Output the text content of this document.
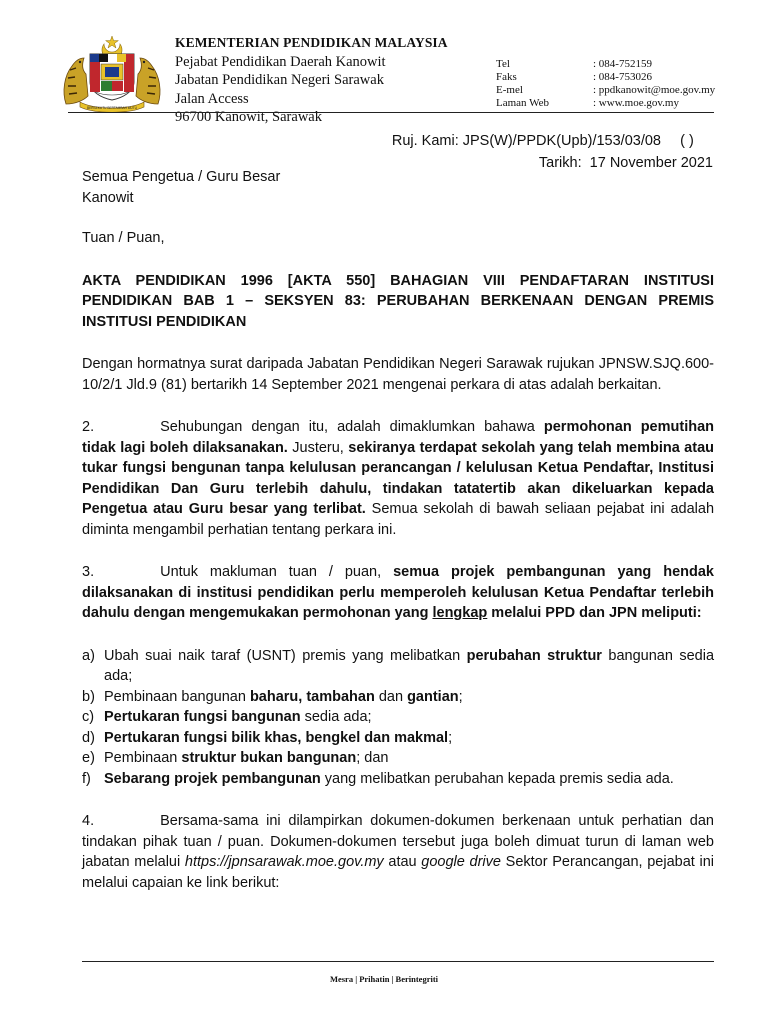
BERSEKUTU BERTAMBAH MUTU
KEMENTERIAN PENDIDIKAN MALAYSIA
Pejabat Pendidikan Daerah Kanowit
Jabatan Pendidikan Negeri Sarawak
Jalan Access
96700 Kanowit, Sarawak
Tel	: 084-752159
Faks	: 084-753026
E-mel	: ppdkanowit@moe.gov.my
Laman Web	: www.moe.gov.my
Ruj. Kami: JPS(W)/PPDK(Upb)/153/03/08 ( )
Tarikh: 17 November 2021

Semua Pengetua / Guru Besar

Kanowit

Tuan / Puan,

AKTA PENDIDIKAN 1996 [AKTA 550] BAHAGIAN VIII PENDAFTARAN INSTITUSI PENDIDIKAN BAB 1 – SEKSYEN 83: PERUBAHAN BERKENAAN DENGAN PREMIS INSTITUSI PENDIDIKAN

Dengan hormatnya surat daripada Jabatan Pendidikan Negeri Sarawak rujukan JPNSW.SJQ.600-10/2/1 Jld.9 (81) bertarikh 14 September 2021 mengenai perkara di atas adalah berkaitan.

2.	Sehubungan dengan itu, adalah dimaklumkan bahawa permohonan pemutihan tidak lagi boleh dilaksanakan. Justeru, sekiranya terdapat sekolah yang telah membina atau tukar fungsi bengunan tanpa kelulusan perancangan / kelulusan Ketua Pendaftar, Institusi Pendidikan Dan Guru terlebih dahulu, tindakan tatatertib akan dikeluarkan kepada Pengetua atau Guru besar yang terlibat. Semua sekolah di bawah seliaan pejabat ini adalah diminta mengambil perhatian tentang perkara ini.

3.	Untuk makluman tuan / puan, semua projek pembangunan yang hendak dilaksanakan di institusi pendidikan perlu memperoleh kelulusan Ketua Pendaftar terlebih dahulu dengan mengemukakan permohonan yang lengkap melalui PPD dan JPN meliputi:

a) Ubah suai naik taraf (USNT) premis yang melibatkan perubahan struktur bangunan sedia ada;
b) Pembinaan bangunan baharu, tambahan dan gantian;
c) Pertukaran fungsi bangunan sedia ada;
d) Pertukaran fungsi bilik khas, bengkel dan makmal;
e) Pembinaan struktur bukan bangunan; dan
f) Sebarang projek pembangunan yang melibatkan perubahan kepada premis sedia ada.

4.	Bersama-sama ini dilampirkan dokumen-dokumen berkenaan untuk perhatian dan tindakan pihak tuan / puan. Dokumen-dokumen tersebut juga boleh dimuat turun di laman web jabatan melalui https://jpnsarawak.moe.gov.my atau google drive Sektor Perancangan, pejabat ini melalui capaian ke link berikut:

Mesra | Prihatin | Berintegriti
